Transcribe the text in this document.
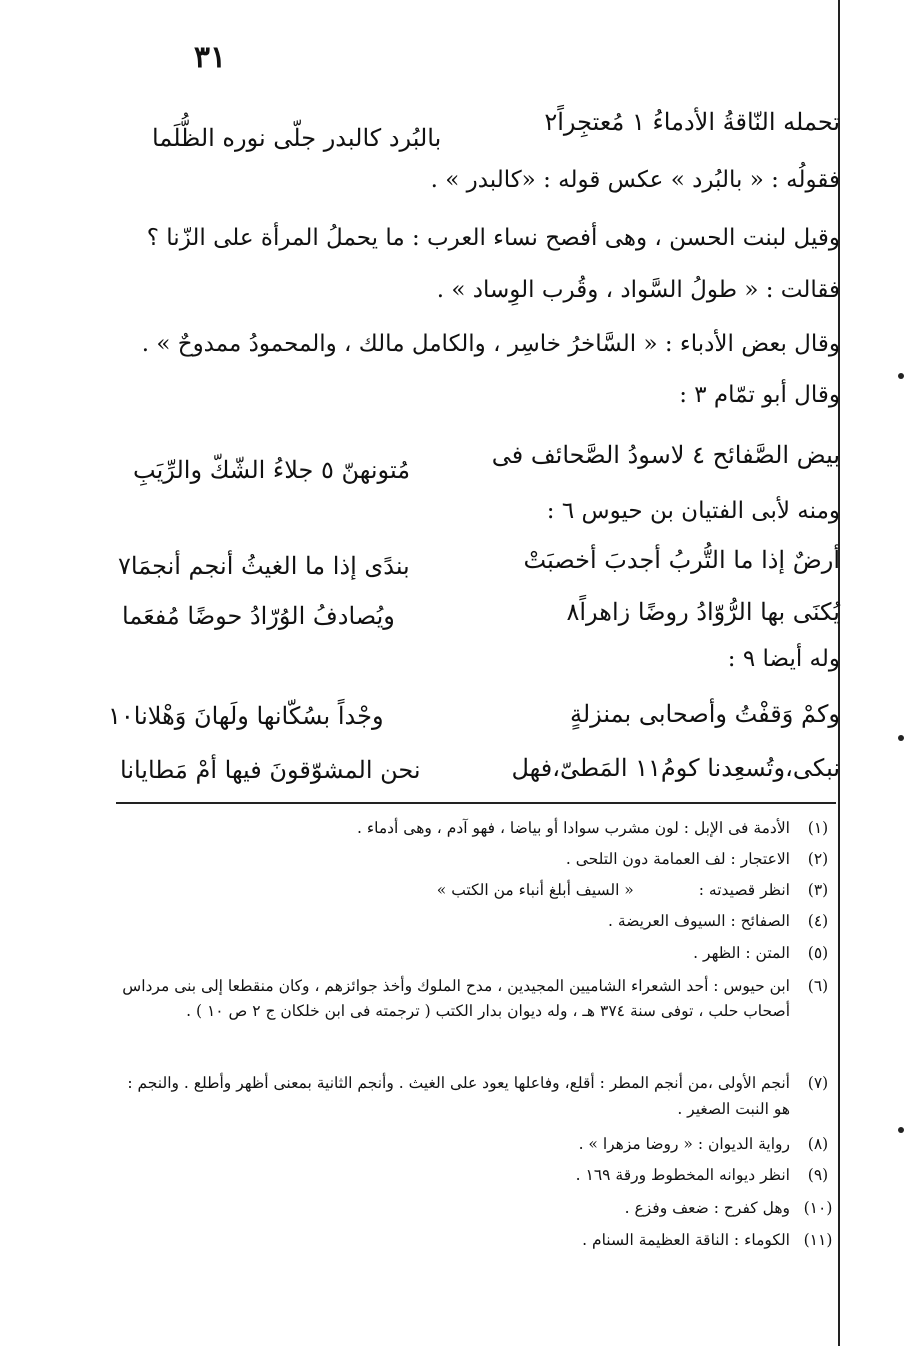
٣١
تحمله النّاقةُ الأدماءُ ١ مُعتجِراً٢
بالبُرد كالبدر جلّى نوره الظُّلَما
فقولُه : « بالبُرد » عكس قوله : «كالبدر » .
وقيل لبنت الحسن ، وهى أفصح نساء العرب : ما يحملُ المرأة على الزّنا ؟
فقالت : « طولُ السَّواد ، وقُرب الوِساد » .
وقال بعض الأدباء : « السَّاخرُ خاسِر ، والكامل مالك ، والمحمودُ ممدوحٌ » .
وقال أبو تمّام ٣ :
بيض الصَّفائح ٤ لاسودُ الصَّحائف فى
مُتونهنّ ٥ جلاءُ الشّكّ والرِّيَبِ
ومنه لأبى الفتيان بن حيوس ٦ :
أرضٌ إذا ما التُّربُ أجدبَ أخصبَتْ
بندًى إذا ما الغيثُ أنجم أنجمَا٧
يُكنَى بها الرُّوّادُ روضًا زاهراً٨
ويُصادفُ الوُرّادُ حوضًا مُفعَما
وله أيضا ٩ :
وكمْ وَقفْتُ وأصحابى بمنزلةٍ
وجْداً بسُكّانها ولَهانَ وَهْلانا١٠
نبكى،وتُسعِدنا كومُ١١ المَطىّ،فهل
نحن المشوّقونَ فيها أمْ مَطايانا
(١)
الأدمة فى الإبل : لون مشرب سوادا أو بياضا ، فهو آدم ، وهى أدماء .
(٢)
الاعتجار : لف العمامة دون التلحى .
(٣)
انظر قصيدته : « السيف أبلغ أنباء من الكتب »
(٤)
الصفائح : السيوف العريضة .
(٥)
المتن : الظهر .
(٦)
ابن حيوس : أحد الشعراء الشاميين المجيدين ، مدح الملوك وأخذ جوائزهم ، وكان منقطعا إلى بنى مرداس أصحاب حلب ، توفى سنة ٣٧٤ هـ ، وله ديوان بدار الكتب ( ترجمته فى ابن خلكان ج ٢ ص ١٠ ) .
(٧)
أنجم الأولى ،من أنجم المطر : أقلع، وفاعلها يعود على الغيث . وأنجم الثانية بمعنى أظهر وأطلع . والنجم : هو النبت الصغير .
(٨)
رواية الديوان : « روضا مزهرا » .
(٩)
انظر ديوانه المخطوط ورقة ١٦٩ .
(١٠)
وهل كفرح : ضعف وفزع .
(١١)
الكوماء : الناقة العظيمة السنام .
